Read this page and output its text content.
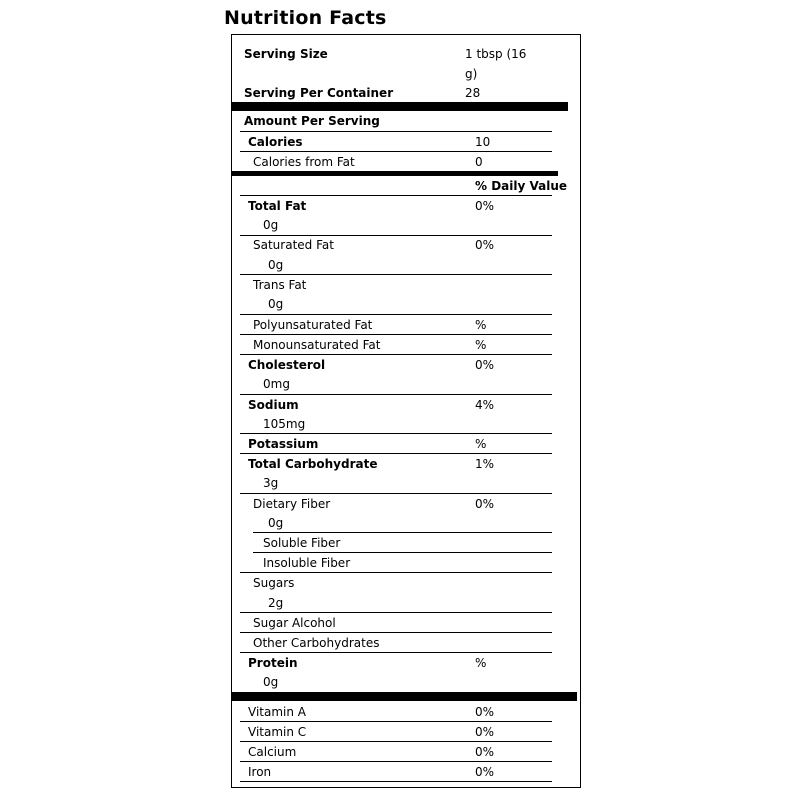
Nutrition Facts
Serving Size	1 tbsp (16
g)
Serving Per Container	28
Amount Per Serving
Calories	10
Calories from Fat	0
% Daily Value
Total Fat	0%
0g
Saturated Fat	0%
0g
Trans Fat
0g
Polyunsaturated Fat	%
Monounsaturated Fat	%
Cholesterol	0%
0mg
Sodium	4%
105mg
Potassium	%
Total Carbohydrate	1%
3g
Dietary Fiber	0%
0g
Soluble Fiber
Insoluble Fiber
Sugars
2g
Sugar Alcohol
Other Carbohydrates
Protein	%
0g
Vitamin A	0%
Vitamin C	0%
Calcium	0%
Iron	0%
